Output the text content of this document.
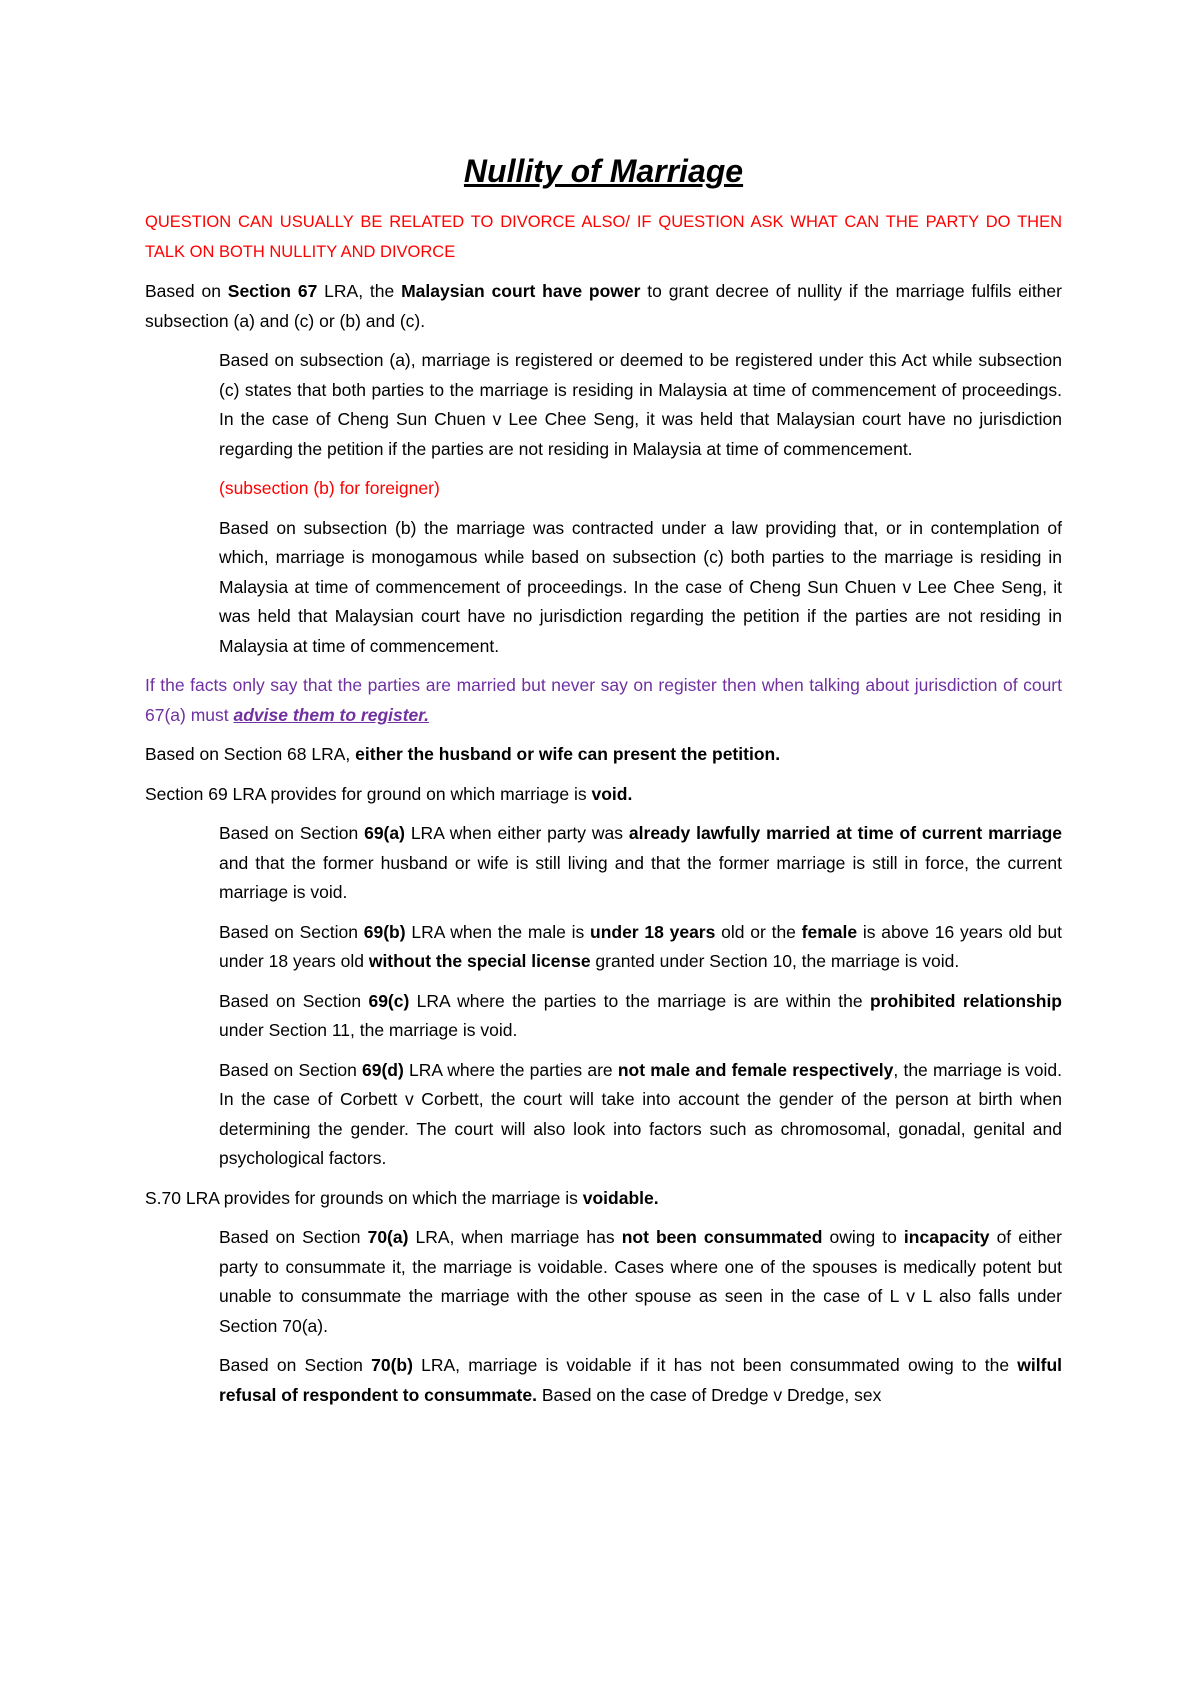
Nullity of Marriage

QUESTION CAN USUALLY BE RELATED TO DIVORCE ALSO/ IF QUESTION ASK WHAT CAN THE PARTY DO THEN TALK ON BOTH NULLITY AND DIVORCE

Based on Section 67 LRA, the Malaysian court have power to grant decree of nullity if the marriage fulfils either subsection (a) and (c) or (b) and (c).

Based on subsection (a), marriage is registered or deemed to be registered under this Act while subsection (c) states that both parties to the marriage is residing in Malaysia at time of commencement of proceedings. In the case of Cheng Sun Chuen v Lee Chee Seng, it was held that Malaysian court have no jurisdiction regarding the petition if the parties are not residing in Malaysia at time of commencement.

(subsection (b) for foreigner)

Based on subsection (b) the marriage was contracted under a law providing that, or in contemplation of which, marriage is monogamous while based on subsection (c) both parties to the marriage is residing in Malaysia at time of commencement of proceedings. In the case of Cheng Sun Chuen v Lee Chee Seng, it was held that Malaysian court have no jurisdiction regarding the petition if the parties are not residing in Malaysia at time of commencement.

If the facts only say that the parties are married but never say on register then when talking about jurisdiction of court 67(a) must advise them to register.

Based on Section 68 LRA, either the husband or wife can present the petition.

Section 69 LRA provides for ground on which marriage is void.

Based on Section 69(a) LRA when either party was already lawfully married at time of current marriage and that the former husband or wife is still living and that the former marriage is still in force, the current marriage is void.

Based on Section 69(b) LRA when the male is under 18 years old or the female is above 16 years old but under 18 years old without the special license granted under Section 10, the marriage is void.

Based on Section 69(c) LRA where the parties to the marriage is are within the prohibited relationship under Section 11, the marriage is void.

Based on Section 69(d) LRA where the parties are not male and female respectively, the marriage is void. In the case of Corbett v Corbett, the court will take into account the gender of the person at birth when determining the gender. The court will also look into factors such as chromosomal, gonadal, genital and psychological factors.

S.70 LRA provides for grounds on which the marriage is voidable.

Based on Section 70(a) LRA, when marriage has not been consummated owing to incapacity of either party to consummate it, the marriage is voidable. Cases where one of the spouses is medically potent but unable to consummate the marriage with the other spouse as seen in the case of L v L also falls under Section 70(a).

Based on Section 70(b) LRA, marriage is voidable if it has not been consummated owing to the wilful refusal of respondent to consummate. Based on the case of Dredge v Dredge, sex
